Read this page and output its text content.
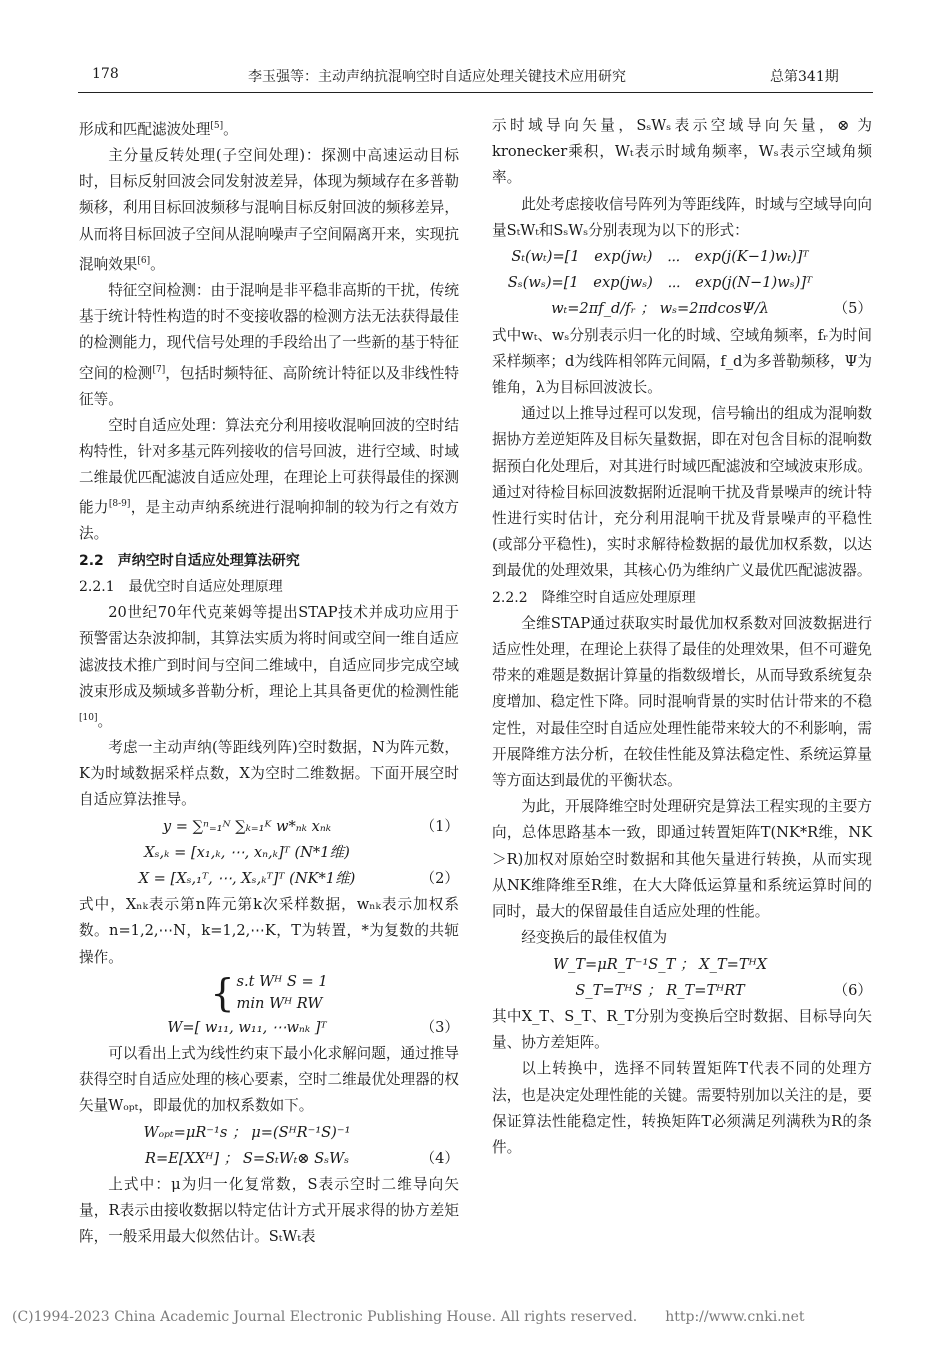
178	李玉强等：主动声纳抗混响空时自适应处理关键技术应用研究	总第341期

形成和匹配滤波处理[5]。

主分量反转处理(子空间处理)：探测中高速运动目标时，目标反射回波会同发射波差异，体现为频域存在多普勒频移，利用目标回波频移与混响目标反射回波的频移差异，从而将目标回波子空间从混响噪声子空间隔离开来，实现抗混响效果[6]。

特征空间检测：由于混响是非平稳非高斯的干扰，传统基于统计特性构造的时不变接收器的检测方法无法获得最佳的检测能力，现代信号处理的手段给出了一些新的基于特征空间的检测[7]，包括时频特征、高阶统计特征以及非线性特征等。

空时自适应处理：算法充分利用接收混响回波的空时结构特性，针对多基元阵列接收的信号回波，进行空域、时域二维最优匹配滤波自适应处理，在理论上可获得最佳的探测能力[8-9]，是主动声纳系统进行混响抑制的较为行之有效方法。

2.2　声纳空时自适应处理算法研究

2.2.1　最优空时自适应处理原理

20世纪70年代克莱姆等提出STAP技术并成功应用于预警雷达杂波抑制，其算法实质为将时间或空间一维自适应滤波技术推广到时间与空间二维域中，自适应同步完成空域波束形成及频域多普勒分析，理论上其具备更优的检测性能[10]。

考虑一主动声纳(等距线列阵)空时数据，N为阵元数，K为时域数据采样点数，X为空时二维数据。下面开展空时自适应算法推导。

y = ∑ⁿ₌₁ᴺ ∑ₖ₌₁ᴷ w*ₙₖ xₙₖ	（1）
Xₛ,ₖ = [x₁,ₖ, ⋯, xₙ,ₖ]ᵀ (N*1维)
X = [Xₛ,₁ᵀ, ⋯, Xₛ,ₖᵀ]ᵀ (NK*1维)	（2）

式中，Xₙₖ表示第n阵元第k次采样数据，wₙₖ表示加权系数。n=1,2,⋯N，k=1,2,⋯K，T为转置，*为复数的共轭操作。

{ s.t Wᴴ S = 1
min Wᴴ RW
W=[ w₁₁, w₁₁, ⋯wₙₖ ]ᵀ	（3）

可以看出上式为线性约束下最小化求解问题，通过推导获得空时自适应处理的核心要素，空时二维最优处理器的权矢量Wₒₚₜ，即最优的加权系数如下。

Wₒₚₜ=μR⁻¹s ； μ=(SᴴR⁻¹S)⁻¹
R=E[XXᴴ] ； S=SₜWₜ⊗ SₛWₛ	（4）

上式中：μ为归一化复常数，S表示空时二维导向矢量，R表示由接收数据以特定估计方式开展求得的协方差矩阵，一般采用最大似然估计。SₜWₜ表

示时域导向矢量，SₛWₛ表示空域导向矢量，⊗ 为kronecker乘积，Wₜ表示时域角频率，Wₛ表示空域角频率。

此处考虑接收信号阵列为等距线阵，时域与空域导向向量SₜWₜ和SₛWₛ分别表现为以下的形式：

Sₜ(wₜ)=[1　exp(jwₜ)　⋯　exp(j(K−1)wₜ)]ᵀ
Sₛ(wₛ)=[1　exp(jwₛ)　⋯　exp(j(N−1)wₛ)]ᵀ
wₜ=2πf_d/fᵣ ； wₛ=2πdcosΨ/λ	（5）

式中wₜ、wₛ分别表示归一化的时域、空域角频率，fᵣ为时间采样频率；d为线阵相邻阵元间隔，f_d为多普勒频移，Ψ为锥角，λ为目标回波波长。

通过以上推导过程可以发现，信号输出的组成为混响数据协方差逆矩阵及目标矢量数据，即在对包含目标的混响数据预白化处理后，对其进行时域匹配滤波和空域波束形成。通过对待检目标回波数据附近混响干扰及背景噪声的统计特性进行实时估计，充分利用混响干扰及背景噪声的平稳性(或部分平稳性)，实时求解待检数据的最优加权系数，以达到最优的处理效果，其核心仍为维纳广义最优匹配滤波器。

2.2.2　降维空时自适应处理原理

全维STAP通过获取实时最优加权系数对回波数据进行适应性处理，在理论上获得了最佳的处理效果，但不可避免带来的难题是数据计算量的指数级增长，从而导致系统复杂度增加、稳定性下降。同时混响背景的实时估计带来的不稳定性，对最佳空时自适应处理性能带来较大的不利影响，需开展降维方法分析，在较佳性能及算法稳定性、系统运算量等方面达到最优的平衡状态。

为此，开展降维空时处理研究是算法工程实现的主要方向，总体思路基本一致，即通过转置矩阵T(NK*R维，NK＞R)加权对原始空时数据和其他矢量进行转换，从而实现从NK维降维至R维，在大大降低运算量和系统运算时间的同时，最大的保留最佳自适应处理的性能。

经变换后的最佳权值为

W_T=μR_T⁻¹S_T ； X_T=TᴴX
S_T=TᴴS ； R_T=TᴴRT	（6）

其中X_T、S_T、R_T分别为变换后空时数据、目标导向矢量、协方差矩阵。

以上转换中，选择不同转置矩阵T代表不同的处理方法，也是决定处理性能的关键。需要特别加以关注的是，要保证算法性能稳定性，转换矩阵T必须满足列满秩为R的条件。

(C)1994-2023 China Academic Journal Electronic Publishing House. All rights reserved.　　http://www.cnki.net
